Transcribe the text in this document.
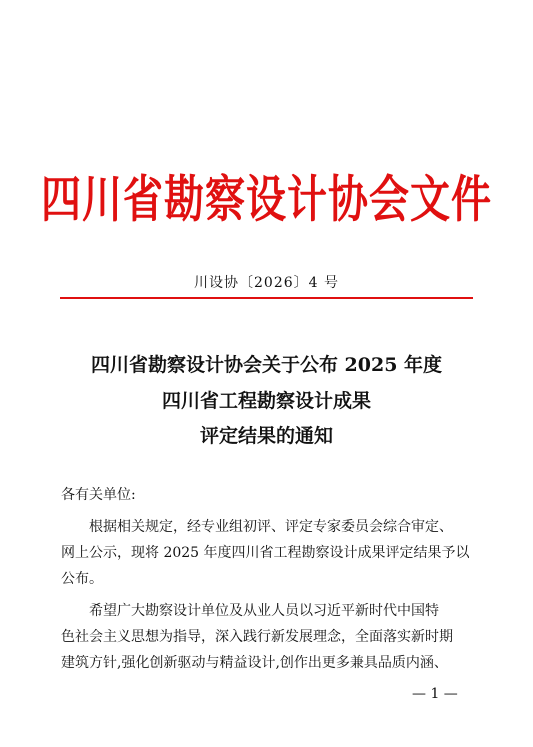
四川省勘察设计协会文件
川设协〔2026〕4 号
四川省勘察设计协会关于公布 2025 年度
四川省工程勘察设计成果
评定结果的通知
各有关单位:
根据相关规定，经专业组初评、评定专家委员会综合审定、
网上公示，现将 2025 年度四川省工程勘察设计成果评定结果予以
公布。
希望广大勘察设计单位及从业人员以习近平新时代中国特
色社会主义思想为指导，深入践行新发展理念，全面落实新时期
建筑方针,强化创新驱动与精益设计,创作出更多兼具品质内涵、
— 1 —
